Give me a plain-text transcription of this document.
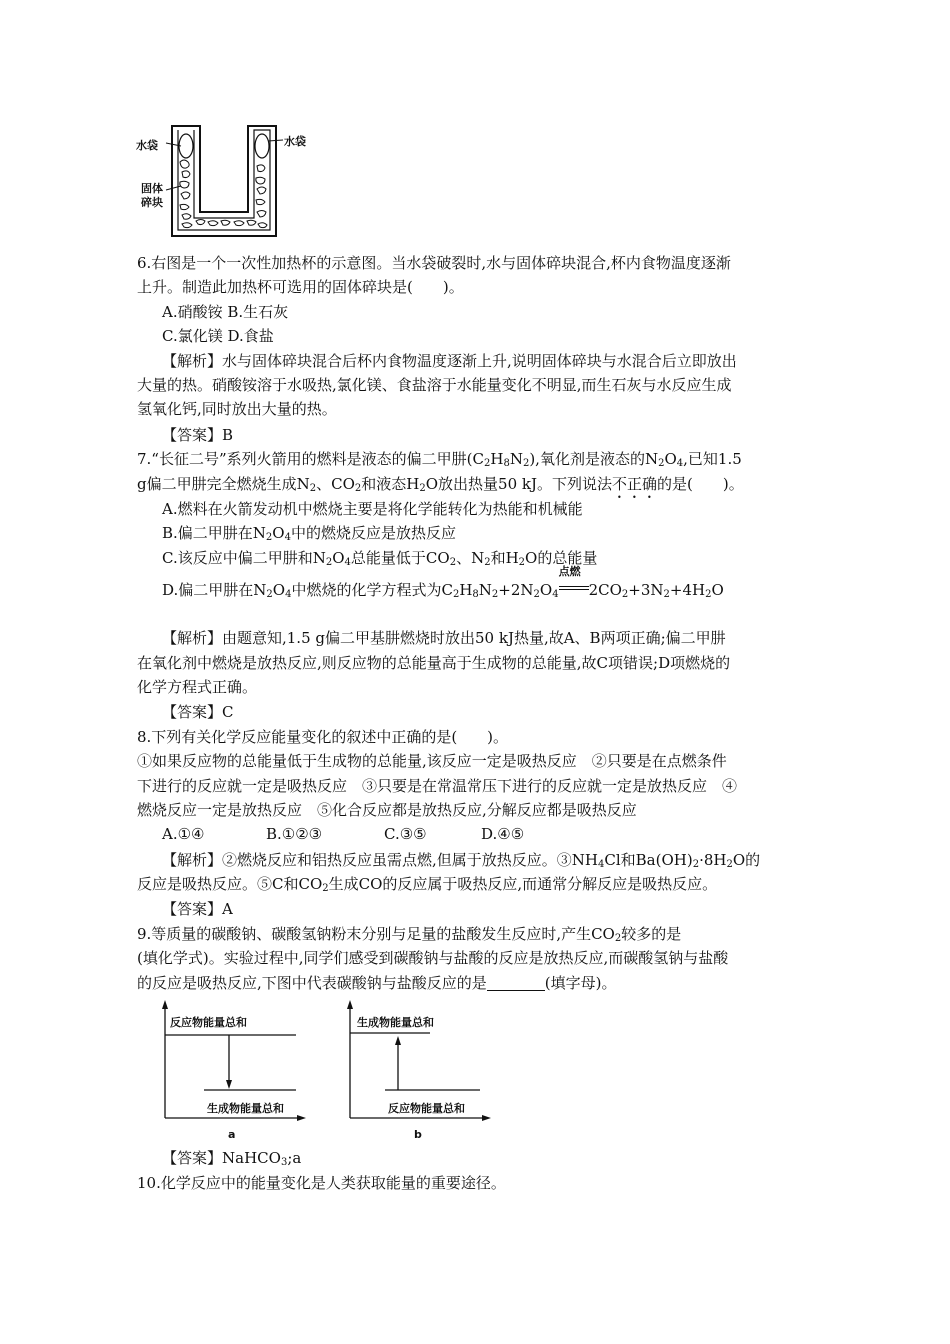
水袋	水袋
固体
碎块
6.右图是一个一次性加热杯的示意图。当水袋破裂时,水与固体碎块混合,杯内食物温度逐渐
上升。制造此加热杯可选用的固体碎块是(　　)。
A.硝酸铵 B.生石灰
C.氯化镁 D.食盐
【解析】水与固体碎块混合后杯内食物温度逐渐上升,说明固体碎块与水混合后立即放出
大量的热。硝酸铵溶于水吸热,氯化镁、食盐溶于水能量变化不明显,而生石灰与水反应生成
氢氧化钙,同时放出大量的热。
【答案】B
7.“长征二号”系列火箭用的燃料是液态的偏二甲肼$(C_2H_8N_2)$,氧化剂是液态的$N_2O_4$,已知1.5
g偏二甲肼完全燃烧生成$N_2$、$CO_2$和液态$H_2O$放出热量50 kJ。下列说法不正确的是(　　)。
A.燃料在火箭发动机中燃烧主要是将化学能转化为热能和机械能
B.偏二甲肼在$N_2O_4$中的燃烧反应是放热反应
C.该反应中偏二甲肼和$N_2O_4$总能量低于$CO_2$、$N_2$和$H_2O$的总能量
D.偏二甲肼在$N_2O_4$中燃烧的化学方程式为$C_2H_8N_2+2N_2O_4$
点燃
$2CO_2+3N_2+4H_2O$
【解析】由题意知,1.5 g偏二甲基肼燃烧时放出50 kJ热量,故A、B两项正确;偏二甲肼
在氧化剂中燃烧是放热反应,则反应物的总能量高于生成物的总能量,故C项错误;D项燃烧的
化学方程式正确。
【答案】C
8.下列有关化学反应能量变化的叙述中正确的是(　　)。
①如果反应物的总能量低于生成物的总能量,该反应一定是吸热反应　②只要是在点燃条件
下进行的反应就一定是吸热反应　③只要是在常温常压下进行的反应就一定是放热反应　④
燃烧反应一定是放热反应　⑤化合反应都是放热反应,分解反应都是吸热反应
A.①④	B.①②③	C.③⑤	D.④⑤
【解析】②燃烧反应和铝热反应虽需点燃,但属于放热反应。$③NH_4Cl$和$Ba(OH)_2\cdot 8H_2O$的
反应是吸热反应。⑤C和$CO_2$生成CO的反应属于吸热反应,而通常分解反应是吸热反应。
【答案】A
9.等质量的碳酸钠、碳酸氢钠粉末分别与足量的盐酸发生反应时,产生$CO_2$较多的是
(填化学式)。实验过程中,同学们感受到碳酸钠与盐酸的反应是放热反应,而碳酸氢钠与盐酸
的反应是吸热反应,下图中代表碳酸钠与盐酸反应的是	(填字母)。
反应物能量总和
生成物能量总和
a
生成物能量总和
反应物能量总和
b
【答案】NaHCO$_3$;a
10.化学反应中的能量变化是人类获取能量的重要途径。
